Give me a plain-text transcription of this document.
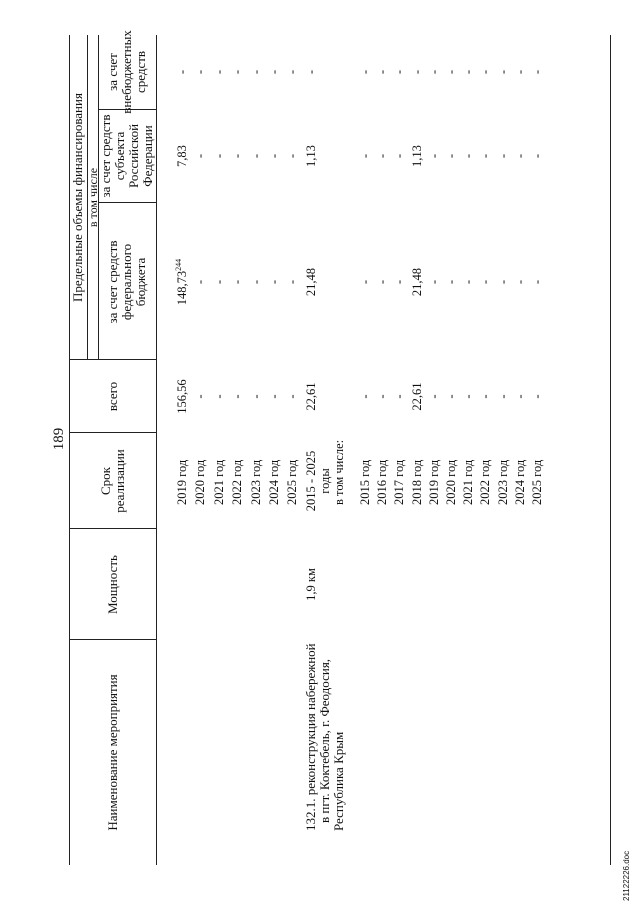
189
Наименование мероприятия
Мощность
Срок реализации
всего
Предельные объемы финансирования в том числе
за счет средств федерального бюджета
за счет средств субъекта Российской Федерации
за счет внебюджетных средств
2019 год
156,56
148,73$^{244}$
7,83
-
2020 год
-
-
-
-
2021 год
-
-
-
-
2022 год
-
-
-
-
2023 год
-
-
-
-
2024 год
-
-
-
-
2025 год
-
-
-
-
132.1. реконструкция набережной в пгт. Коктебель, г. Феодосия, Республика Крым
1,9 км
2015 - 2025 годы
22,61
21,48
1,13
-
в том числе: 2015 год
-
-
-
-
2016 год
-
-
-
-
2017 год
-
-
-
-
2018 год
22,61
21,48
1,13
-
2019 год
-
-
-
-
2020 год
-
-
-
-
2021 год
-
-
-
-
2022 год
-
-
-
-
2023 год
-
-
-
-
2024 год
-
-
-
-
2025 год
-
-
-
-
21122226.doc
